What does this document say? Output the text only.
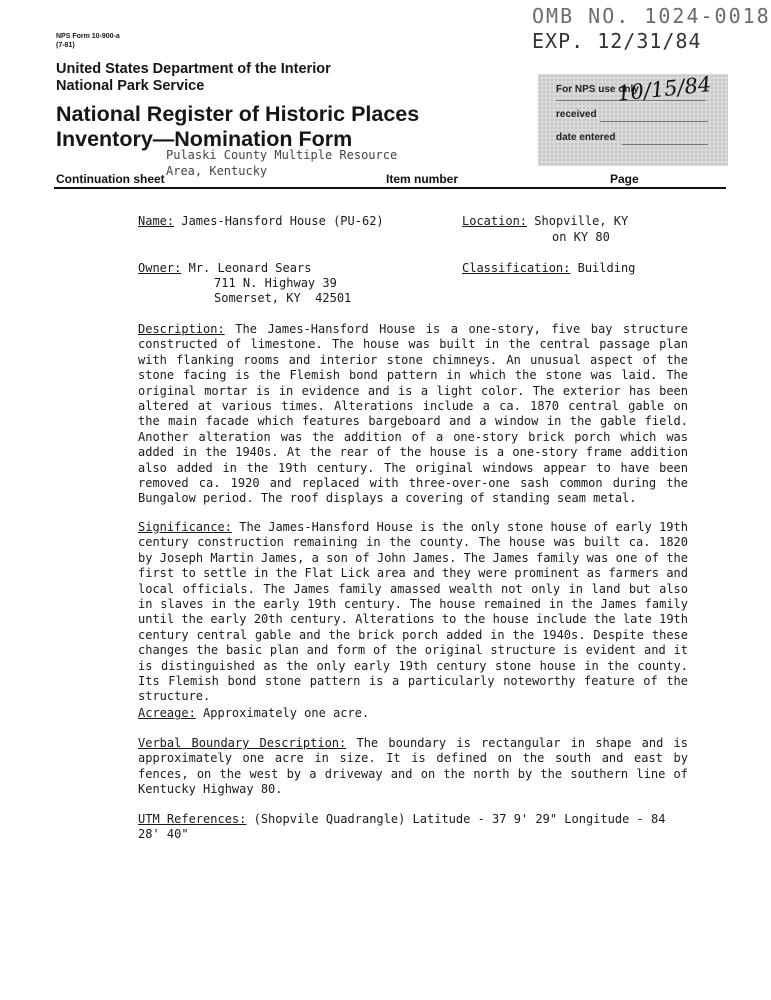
NPS Form 10-900-a
(7-81)
OMB NO. 1024-0018
EXP. 12/31/84
United States Department of the Interior
National Park Service
National Register of Historic Places
Inventory—Nomination Form
Pulaski County Multiple Resource
Area, Kentucky
For NPS use only
received
date entered
10/15/84
Continuation sheet	Item number	Page
Name: James-Hansford House (PU-62)	Location: Shopville, KY
on KY 80
Owner: Mr. Leonard Sears
711 N. Highway 39
Somerset, KY  42501
Classification: Building
Description: The James-Hansford House is a one-story, five bay structure constructed of limestone. The house was built in the central passage plan with flanking rooms and interior stone chimneys. An unusual aspect of the stone facing is the Flemish bond pattern in which the stone was laid. The original mortar is in evidence and is a light color. The exterior has been altered at various times. Alterations include a ca. 1870 central gable on the main facade which features bargeboard and a window in the gable field. Another alteration was the addition of a one-story brick porch which was added in the 1940s. At the rear of the house is a one-story frame addition also added in the 19th century. The original windows appear to have been removed ca. 1920 and replaced with three-over-one sash common during the Bungalow period. The roof displays a covering of standing seam metal.
Significance: The James-Hansford House is the only stone house of early 19th century construction remaining in the county. The house was built ca. 1820 by Joseph Martin James, a son of John James. The James family was one of the first to settle in the Flat Lick area and they were prominent as farmers and local officials. The James family amassed wealth not only in land but also in slaves in the early 19th century. The house remained in the James family until the early 20th century. Alterations to the house include the late 19th century central gable and the brick porch added in the 1940s. Despite these changes the basic plan and form of the original structure is evident and it is distinguished as the only early 19th century stone house in the county. Its Flemish bond stone pattern is a particularly noteworthy feature of the structure.
Acreage: Approximately one acre.
Verbal Boundary Description: The boundary is rectangular in shape and is approximately one acre in size. It is defined on the south and east by fences, on the west by a driveway and on the north by the southern line of Kentucky Highway 80.
UTM References: (Shopvile Quadrangle) Latitude - 37 9' 29" Longitude - 84 28' 40"
